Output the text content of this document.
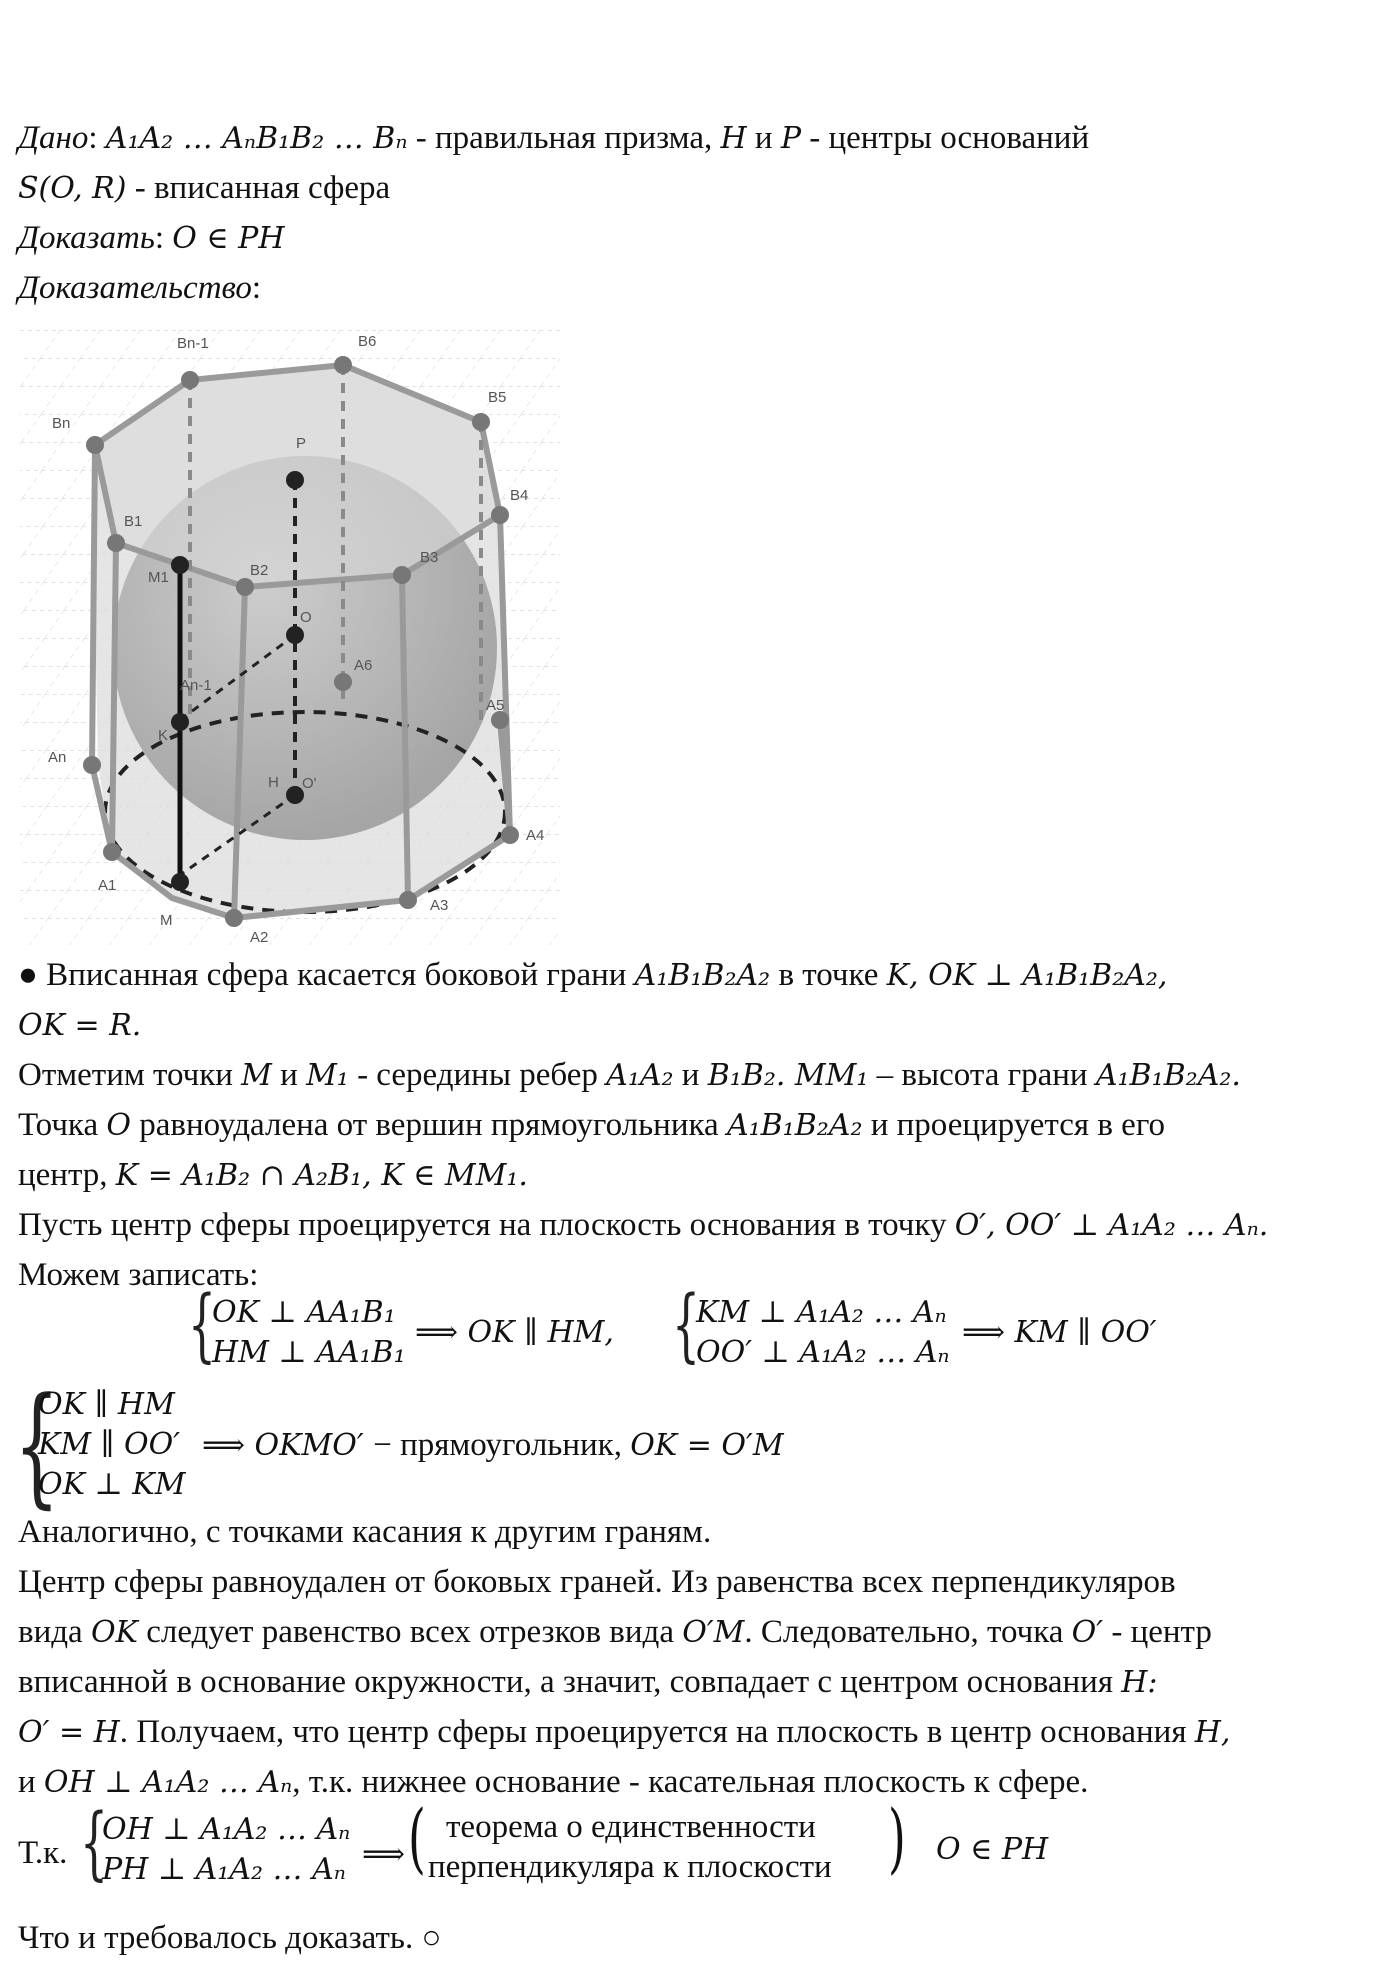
Дано: A₁A₂ … AₙB₁B₂ … Bₙ - правильная призма, H и P - центры оснований
𝑆(O, R) - вписанная сфера
Доказать: O ∈ PH
Доказательство:
Bn-1	B6
B5
B4
Bn
P
B1
M1	B2
B3
O
A6
An-1
A5
K
An
H O'
A4
A1
M
A3
A2
● Вписанная сфера касается боковой грани A₁B₁B₂A₂ в точке K, OK ⊥ A₁B₁B₂A₂,
OK = R.
Отметим точки M и M₁ - середины ребер A₁A₂ и B₁B₂. MM₁ – высота грани A₁B₁B₂A₂.
Точка O равноудалена от вершин прямоугольника A₁B₁B₂A₂ и проецируется в его
центр, K = A₁B₂ ∩ A₂B₁, K ∈ MM₁.
Пусть центр сферы проецируется на плоскость основания в точку O′, OO′ ⊥ A₁A₂ … Aₙ.
Можем записать:
{
OK ⊥ AA₁B₁
HM ⊥ AA₁B₁
⟹ OK ∥ HM, {
KM ⊥ A₁A₂ … Aₙ
OO′ ⊥ A₁A₂ … Aₙ
⟹ KM ∥ OO′
{
OK ∥ HM
KM ∥ OO′
OK ⊥ KM
⟹ OKMO′ − прямоугольник, OK = O′M
Аналогично, с точками касания к другим граням.
Центр сферы равноудален от боковых граней. Из равенства всех перпендикуляров
вида OK следует равенство всех отрезков вида O′M. Следовательно, точка O′ - центр
вписанной в основание окружности, а значит, совпадает с центром основания H:
O′ = H. Получаем, что центр сферы проецируется на плоскость в центр основания H,
и OH ⊥ A₁A₂ … Aₙ, т.к. нижнее основание - касательная плоскость к сфере.
Т.к. {
OH ⊥ A₁A₂ … Aₙ
PH ⊥ A₁A₂ … Aₙ ⟹ ( теорема о единственности
перпендикуляра к плоскости ) O ∈ PH
Что и требовалось доказать. ○
